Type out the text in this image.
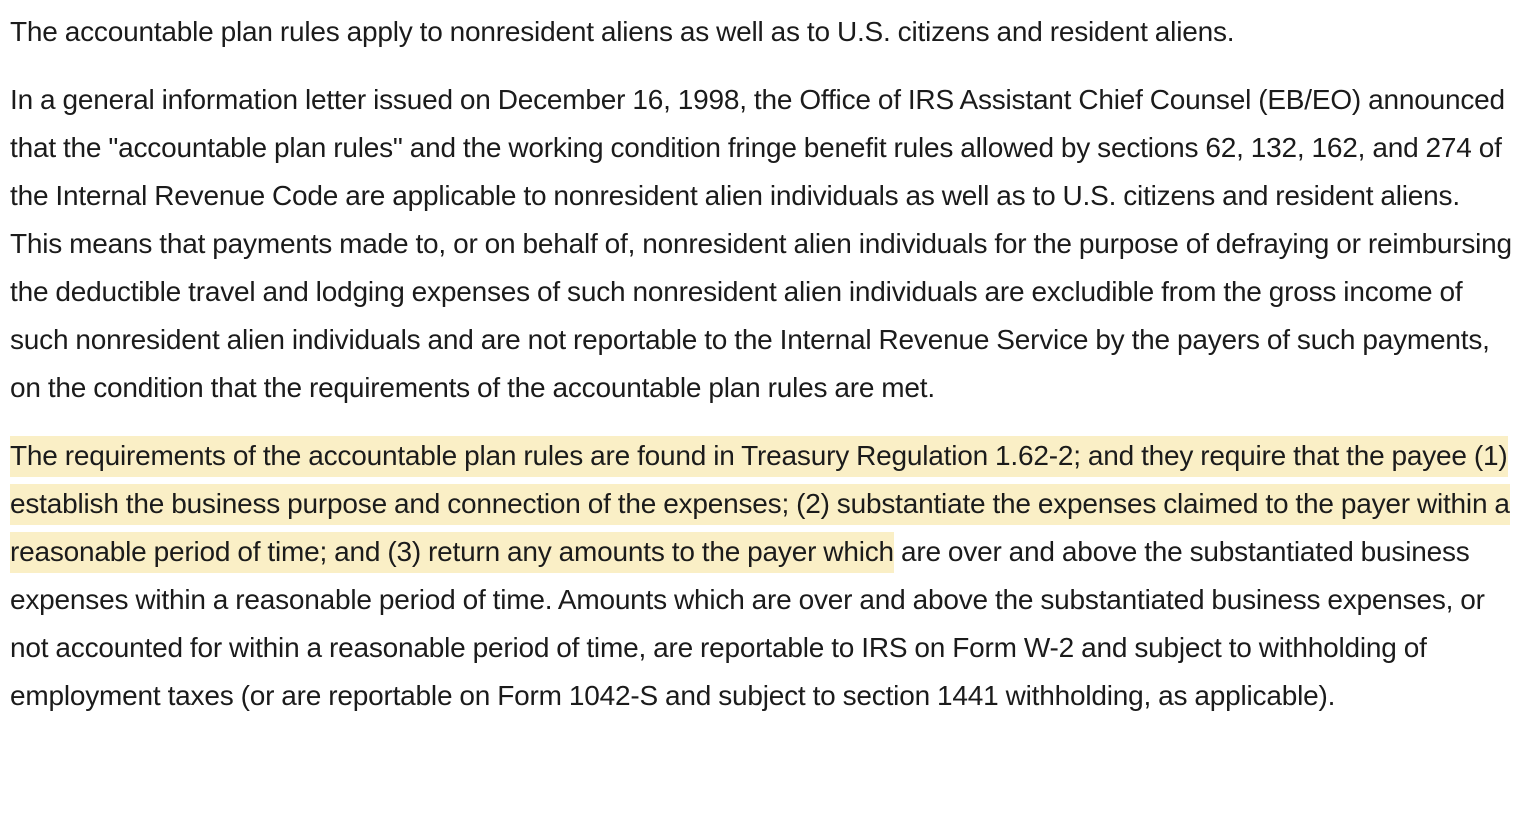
The accountable plan rules apply to nonresident aliens as well as to U.S. citizens and resident aliens.

In a general information letter issued on December 16, 1998, the Office of IRS Assistant Chief Counsel (EB/EO) announced that the "accountable plan rules" and the working condition fringe benefit rules allowed by sections 62, 132, 162, and 274 of the Internal Revenue Code are applicable to nonresident alien individuals as well as to U.S. citizens and resident aliens. This means that payments made to, or on behalf of, nonresident alien individuals for the purpose of defraying or reimbursing the deductible travel and lodging expenses of such nonresident alien individuals are excludible from the gross income of such nonresident alien individuals and are not reportable to the Internal Revenue Service by the payers of such payments, on the condition that the requirements of the accountable plan rules are met.

The requirements of the accountable plan rules are found in Treasury Regulation 1.62-2; and they require that the payee (1) establish the business purpose and connection of the expenses; (2) substantiate the expenses claimed to the payer within a reasonable period of time; and (3) return any amounts to the payer which are over and above the substantiated business expenses within a reasonable period of time. Amounts which are over and above the substantiated business expenses, or not accounted for within a reasonable period of time, are reportable to IRS on Form W-2 and subject to withholding of employment taxes (or are reportable on Form 1042-S and subject to section 1441 withholding, as applicable).
